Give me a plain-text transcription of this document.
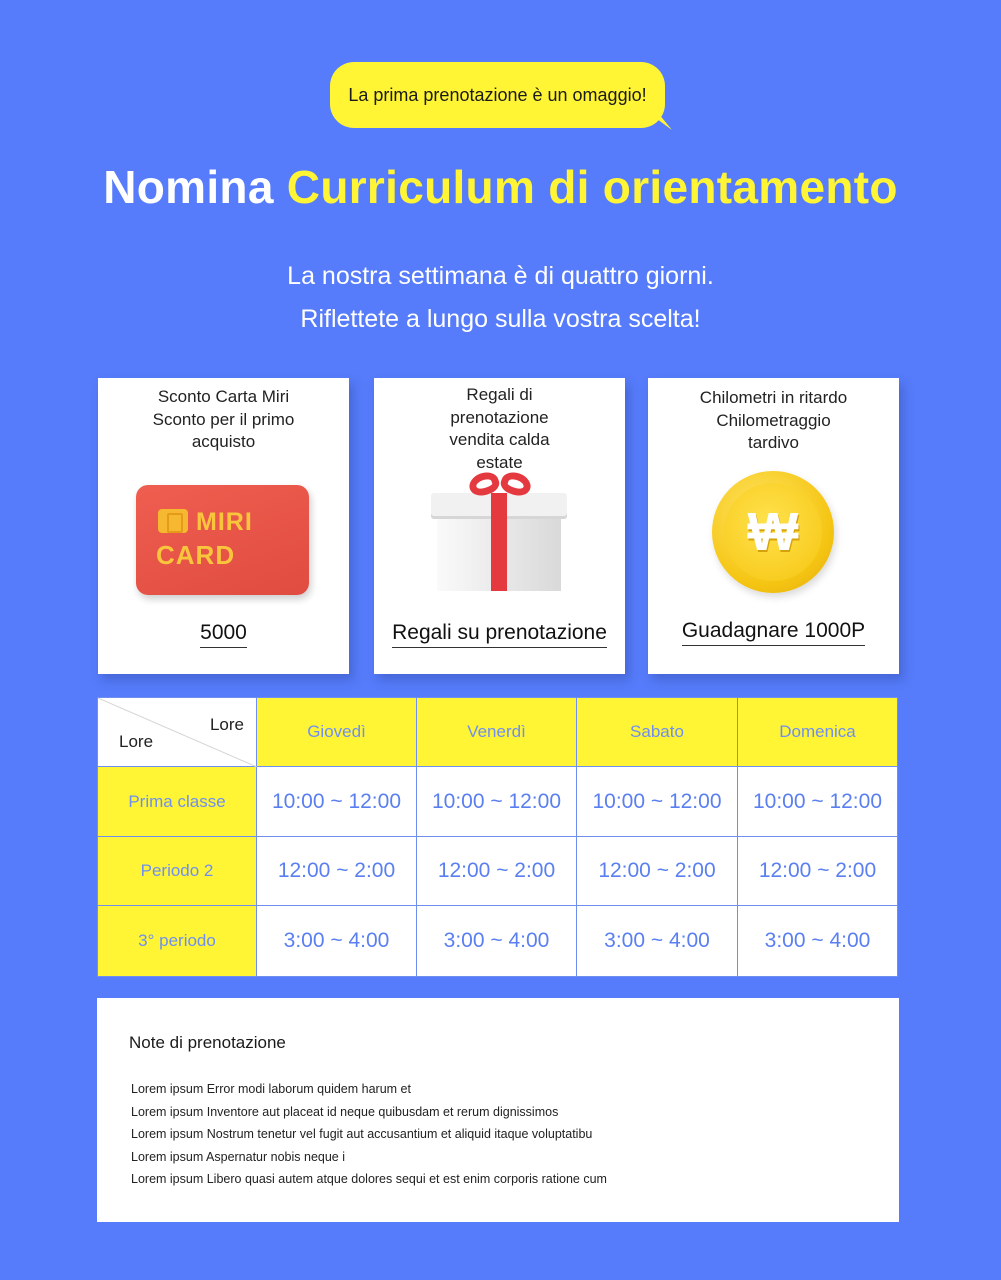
La prima prenotazione è un omaggio!
Nomina Curriculum di orientamento
La nostra settimana è di quattro giorni.
Riflettete a lungo sulla vostra scelta!
Sconto Carta Miri
Sconto per il primo
acquisto
MIRI
CARD
5000
Regali di
prenotazione
vendita calda
estate
Regali su prenotazione
Chilometri in ritardo
Chilometraggio
tardivo
₩
Guadagnare 1000P
Lore
Lore	Giovedì	Venerdì	Sabato	Domenica
Prima classe	10:00 ~ 12:00	10:00 ~ 12:00	10:00 ~ 12:00	10:00 ~ 12:00
Periodo 2	12:00 ~ 2:00	12:00 ~ 2:00	12:00 ~ 2:00	12:00 ~ 2:00
3° periodo	3:00 ~ 4:00	3:00 ~ 4:00	3:00 ~ 4:00	3:00 ~ 4:00
Note di prenotazione
Lorem ipsum Error modi laborum quidem harum et
Lorem ipsum Inventore aut placeat id neque quibusdam et rerum dignissimos
Lorem ipsum Nostrum tenetur vel fugit aut accusantium et aliquid itaque voluptatibu
Lorem ipsum Aspernatur nobis neque i
Lorem ipsum Libero quasi autem atque dolores sequi et est enim corporis ratione cum
